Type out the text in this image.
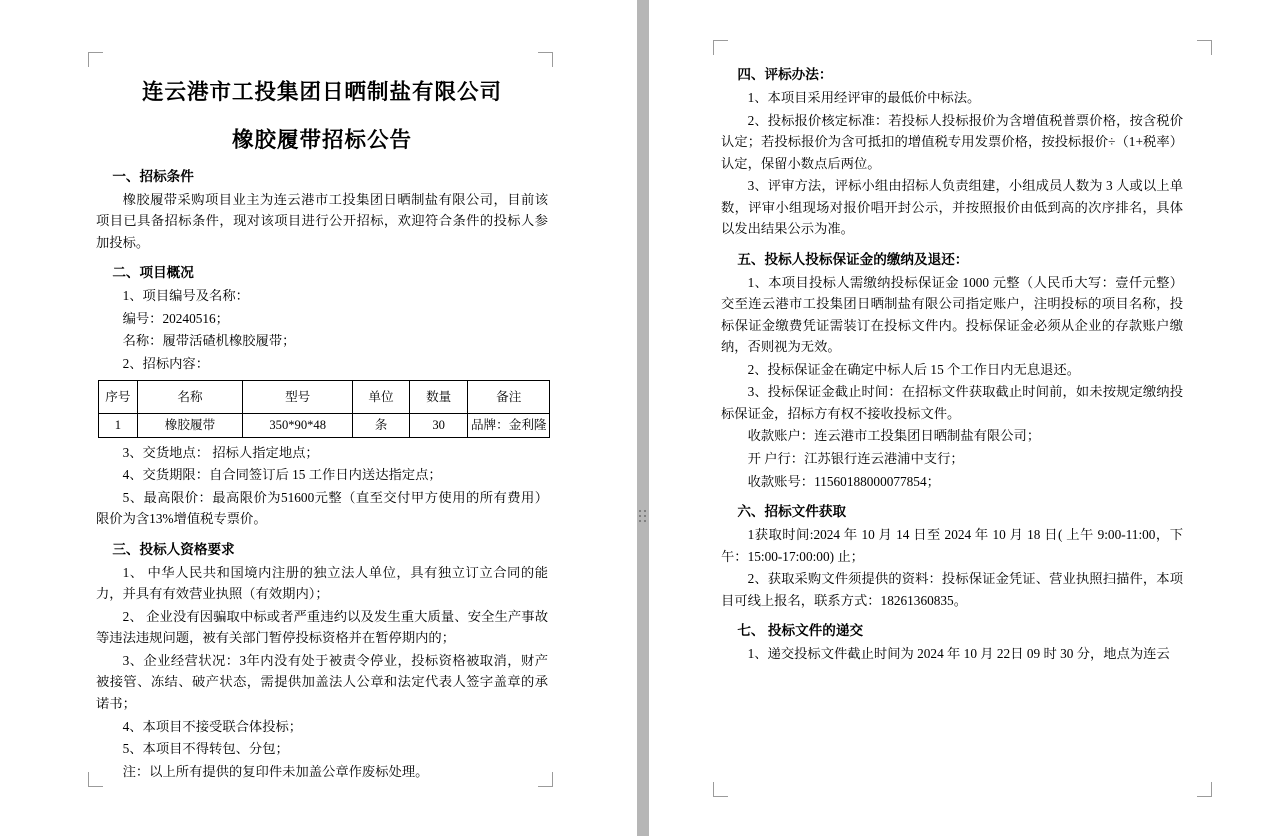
连云港市工投集团日晒制盐有限公司
橡胶履带招标公告
一、招标条件
橡胶履带采购项目业主为连云港市工投集团日晒制盐有限公司，目前该项目已具备招标条件，现对该项目进行公开招标，欢迎符合条件的投标人参加投标。
二、项目概况
1、项目编号及名称：
编号：20240516；
名称：履带活碴机橡胶履带；
2、招标内容：
序号	名称	型号	单位	数量	备注
1	橡胶履带	350*90*48	条	30	品牌：金利隆
3、交货地点： 招标人指定地点；
4、交货期限：自合同签订后 15 工作日内送达指定点；
5、最高限价：最高限价为51600元整（直至交付甲方使用的所有费用）限价为含13%增值税专票价。
三、投标人资格要求
1、 中华人民共和国境内注册的独立法人单位，具有独立订立合同的能力，并具有有效营业执照（有效期内）；
2、 企业没有因骗取中标或者严重违约以及发生重大质量、安全生产事故等违法违规问题，被有关部门暂停投标资格并在暂停期内的；
3、企业经营状况：3年内没有处于被责令停业，投标资格被取消，财产被接管、冻结、破产状态，需提供加盖法人公章和法定代表人签字盖章的承诺书；
4、本项目不接受联合体投标；
5、本项目不得转包、分包；
注：以上所有提供的复印件未加盖公章作废标处理。
四、评标办法：
1、本项目采用经评审的最低价中标法。
2、投标报价核定标准：若投标人投标报价为含增值税普票价格，按含税价认定；若投标报价为含可抵扣的增值税专用发票价格，按投标报价÷（1+税率）认定，保留小数点后两位。
3、评审方法，评标小组由招标人负责组建，小组成员人数为 3 人或以上单数，评审小组现场对报价唱开封公示，并按照报价由低到高的次序排名，具体以发出结果公示为准。
五、投标人投标保证金的缴纳及退还：
1、本项目投标人需缴纳投标保证金 1000 元整（人民币大写：壹仟元整）交至连云港市工投集团日晒制盐有限公司指定账户，注明投标的项目名称，投标保证金缴费凭证需装订在投标文件内。投标保证金必须从企业的存款账户缴纳，否则视为无效。
2、投标保证金在确定中标人后 15 个工作日内无息退还。
3、投标保证金截止时间：在招标文件获取截止时间前，如未按规定缴纳投标保证金，招标方有权不接收投标文件。
收款账户：连云港市工投集团日晒制盐有限公司；
开 户行：江苏银行连云港浦中支行；
收款账号：11560188000077854；
六、招标文件获取
1获取时间:2024 年 10 月 14 日至 2024 年 10 月 18 日( 上午 9:00-11:00，下午：15:00-17:00:00) 止；
2、获取采购文件须提供的资料：投标保证金凭证、营业执照扫描件，本项目可线上报名，联系方式：18261360835。
七、 投标文件的递交
1、递交投标文件截止时间为 2024 年 10 月 22日 09 时 30 分，地点为连云
